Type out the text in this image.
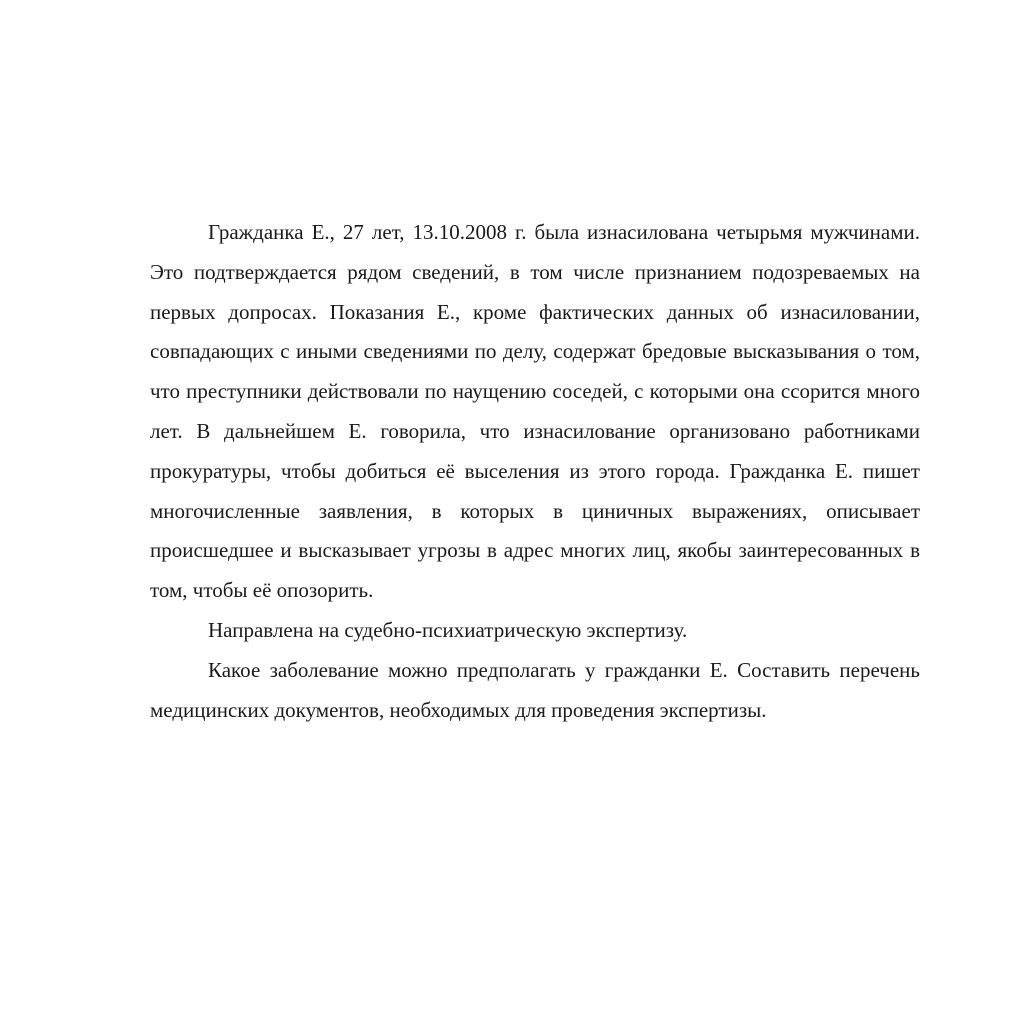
Гражданка Е., 27 лет, 13.10.2008 г. была изнасилована четырьмя мужчинами. Это подтверждается рядом сведений, в том числе признанием подозреваемых на первых допросах. Показания Е., кроме фактических данных об изнасиловании, совпадающих с иными сведениями по делу, содержат бредовые высказывания о том, что преступники действовали по наущению соседей, с которыми она ссорится много лет. В дальнейшем Е. говорила, что изнасилование организовано работниками прокуратуры, чтобы добиться её выселения из этого города. Гражданка Е. пишет многочисленные заявления, в которых в циничных выражениях, описывает происшедшее и высказывает угрозы в адрес многих лиц, якобы заинтересованных в том, чтобы её опозорить.

Направлена на судебно-психиатрическую экспертизу.

Какое заболевание можно предполагать у гражданки Е. Составить перечень медицинских документов, необходимых для проведения экспертизы.
